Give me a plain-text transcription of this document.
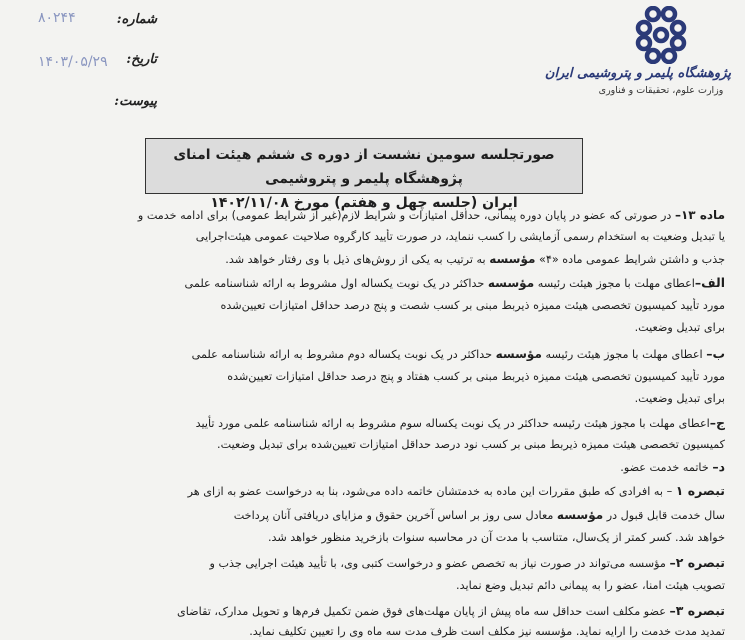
پژوهشگاه پلیمر و پتروشیمی ایران
وزارت علوم، تحقیقات و فناوری
شماره:
۸۰۲۴۴
تاریخ:
۱۴۰۳/۰۵/۲۹
پیوست:
صورتجلسه سومین نشست از دوره ی ششم هیئت امنای پژوهشگاه پلیمر و پتروشیمی
ایران (جلسه چهل و هفتم) مورخ ۱۴۰۲/۱۱/۰۸
ماده ۱۳– در صورتی که عضو در پایان دوره پیمانی، حداقل امتیازات و شرایط لازم(غیر از شرایط عمومی) برای ادامه خدمت و
یا تبدیل وضعیت به استخدام رسمی آزمایشی را کسب ننماید، در صورت تأیید کارگروه صلاحیت عمومی هیئت‌اجرایی
جذب و داشتن شرایط عمومی ماده «۴» مؤسسه به ترتیب به یکی از روش‌های ذیل با وی رفتار خواهد شد.
الف–اعطای مهلت با مجوز هیئت رئیسه مؤسسه حداکثر در یک نوبت یکساله اول مشروط به ارائه شناسنامه علمی
مورد تأیید کمیسیون تخصصی هیئت ممیزه ذیربط مبنی بر کسب شصت و پنج درصد حداقل امتیازات تعیین‌شده
برای تبدیل وضعیت.
ب– اعطای مهلت با مجوز هیئت رئیسه مؤسسه حداکثر در یک نوبت یکساله دوم مشروط به ارائه شناسنامه علمی
مورد تأیید کمیسیون تخصصی هیئت ممیزه ذیربط مبنی بر کسب هفتاد و پنج درصد حداقل امتیازات تعیین‌شده
برای تبدیل وضعیت.
ج–اعطای مهلت با مجوز هیئت رئیسه حداکثر در یک نوبت یکساله سوم مشروط به ارائه شناسنامه علمی مورد تأیید
کمیسیون تخصصی هیئت ممیزه ذیربط مبنی بر کسب نود درصد حداقل امتیازات تعیین‌شده برای تبدیل وضعیت.
د– خاتمه خدمت عضو.
تبصره ۱ – به افرادی که طبق مقررات این ماده به خدمتشان خاتمه داده می‌شود، بنا به درخواست عضو به ازای هر
سال خدمت قابل قبول در مؤسسه معادل سی روز بر اساس آخرین حقوق و مزایای دریافتی آنان پرداخت
خواهد شد. کسر کمتر از یک‌سال، متناسب با مدت آن در محاسبه سنوات بازخرید منظور خواهد شد.
تبصره ۲– مؤسسه می‌تواند در صورت نیاز به تخصص عضو و درخواست کتبی وی، با تأیید هیئت اجرایی جذب و
تصویب هیئت امنا، عضو را به پیمانی دائم تبدیل وضع نماید.
تبصره ۳– عضو مکلف است حداقل سه ماه پیش از پایان مهلت‌های فوق ضمن تکمیل فرم‌ها و تحویل مدارک، تقاضای
تمدید مدت خدمت را ارایه نماید. مؤسسه نیز مکلف است ظرف مدت سه ماه وی را تعیین تکلیف نماید.
